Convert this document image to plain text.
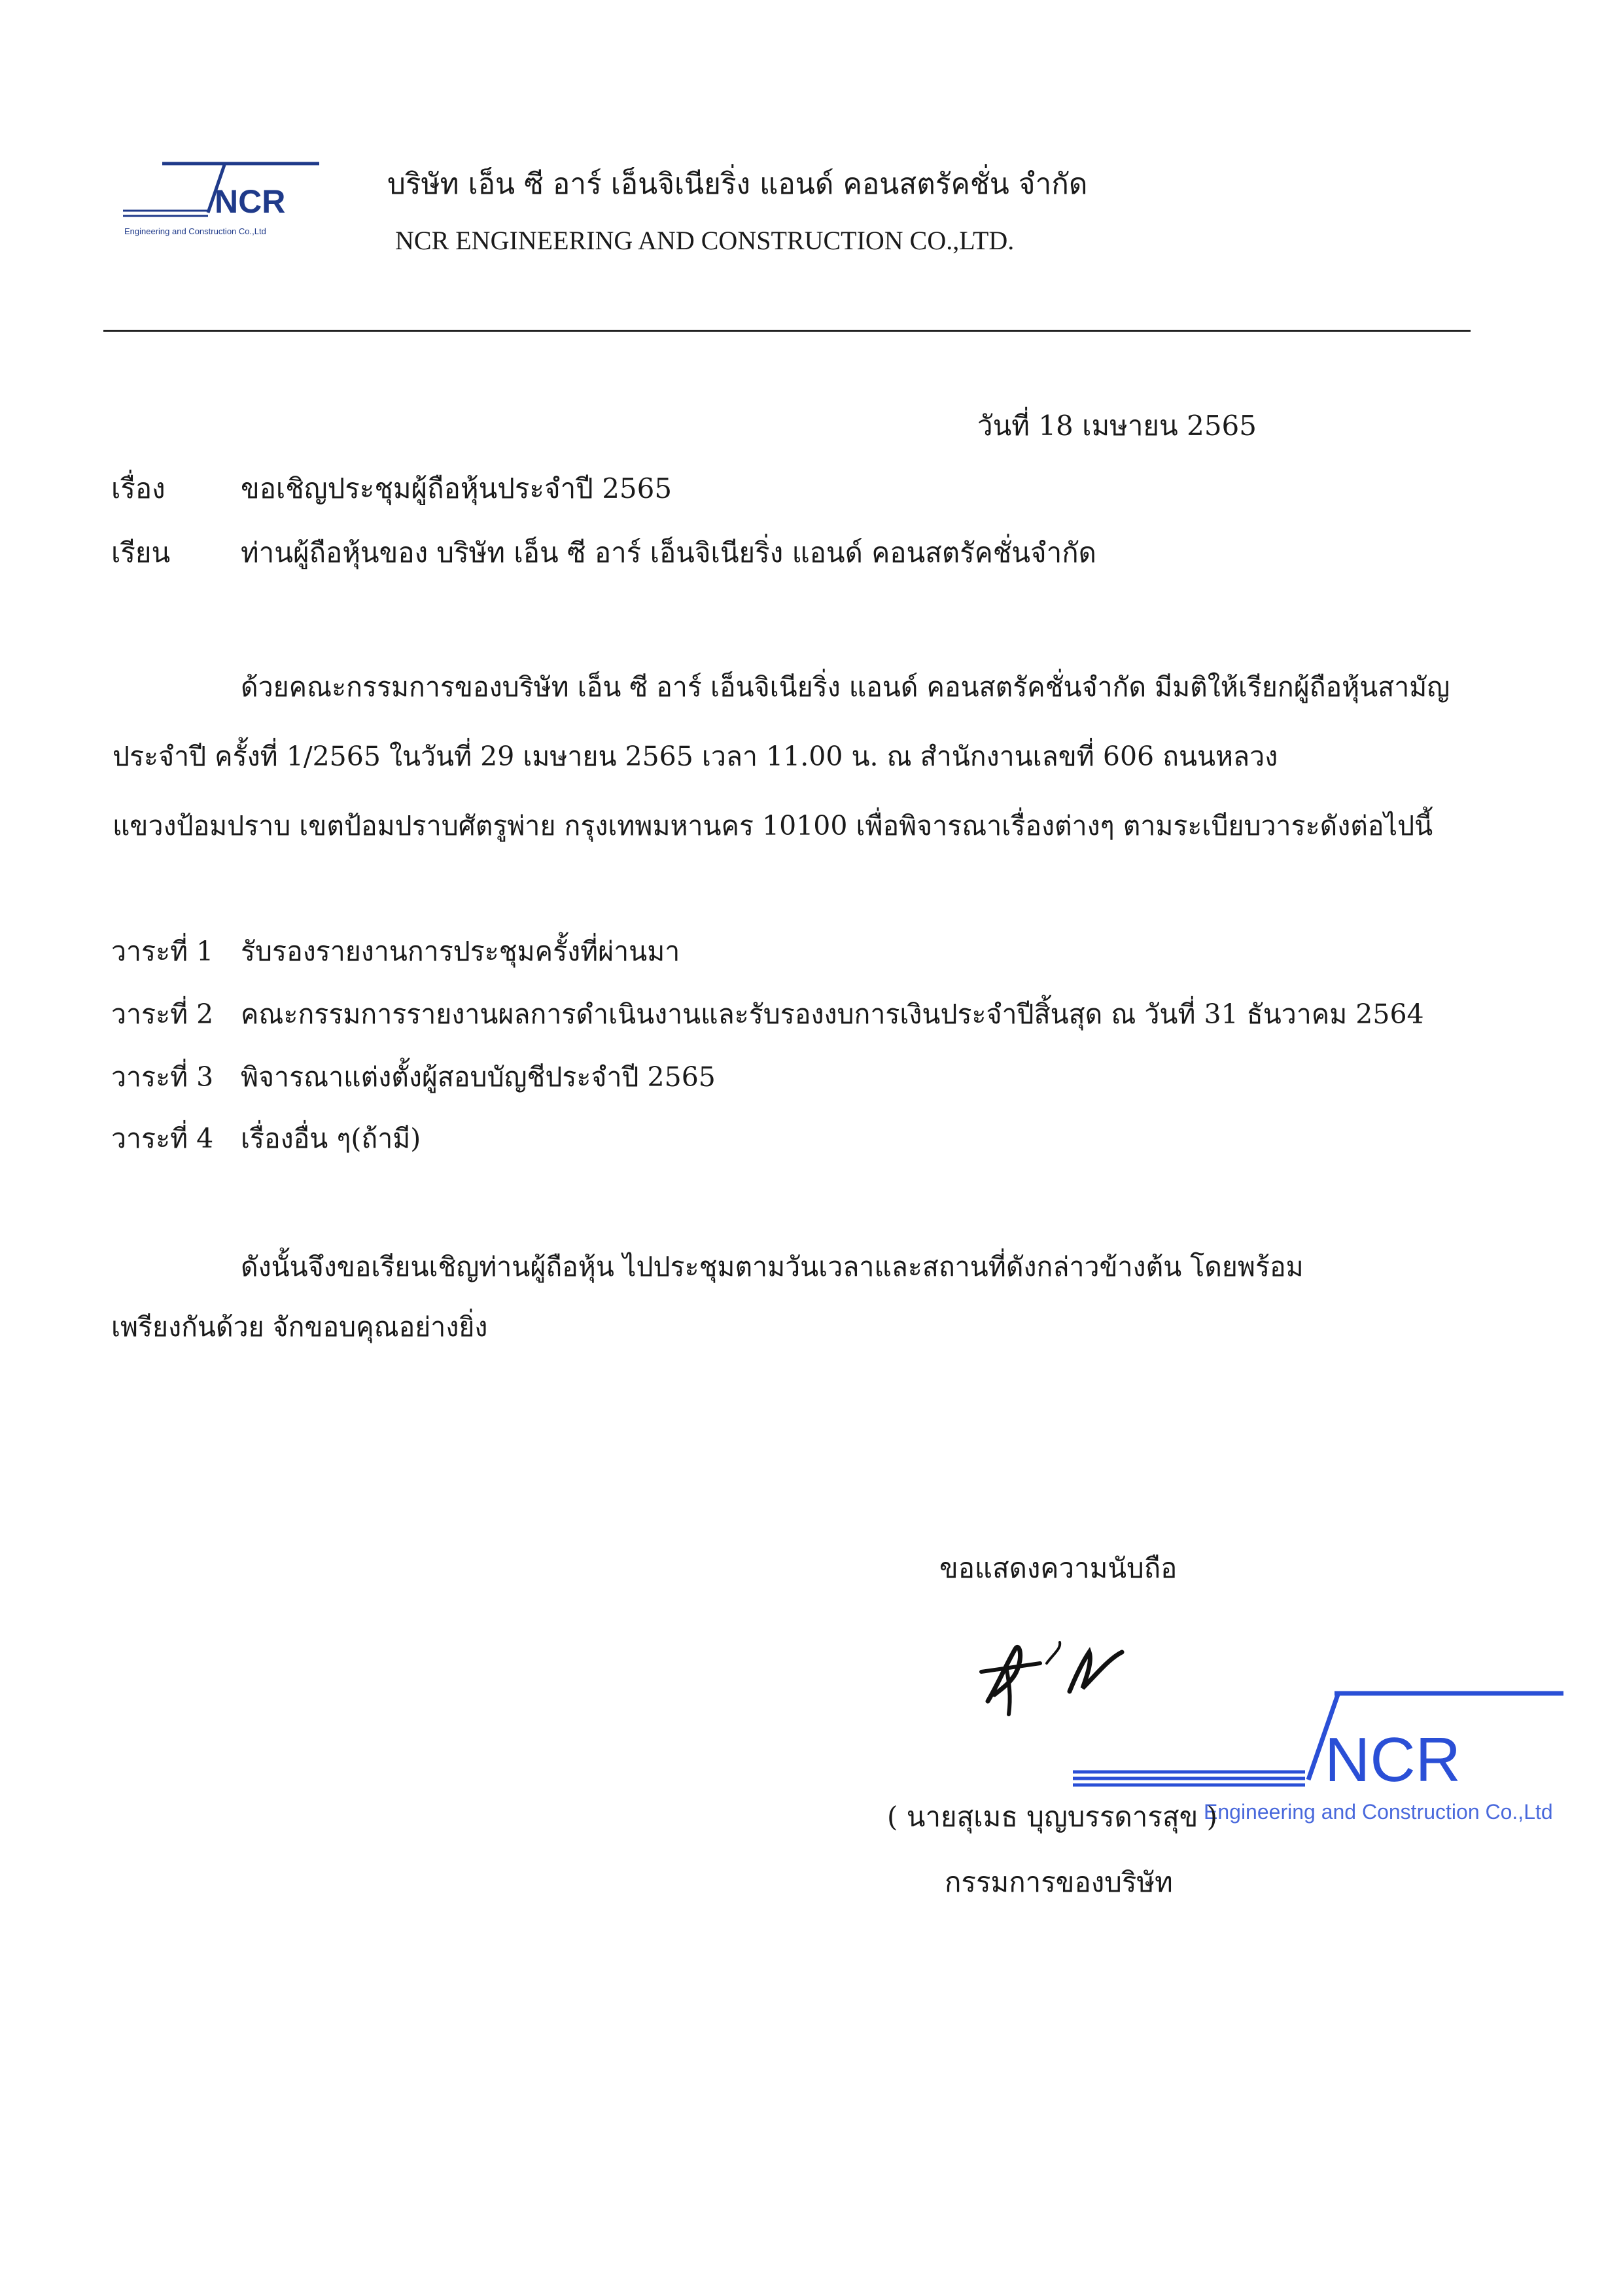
NCR
Engineering and Construction Co.,Ltd
บริษัท เอ็น ซี อาร์ เอ็นจิเนียริ่ง แอนด์ คอนสตรัคชั่น จำกัด
NCR ENGINEERING AND CONSTRUCTION CO.,LTD.
วันที่ 18 เมษายน 2565
เรื่อง	ขอเชิญประชุมผู้ถือหุ้นประจำปี 2565
เรียน	ท่านผู้ถือหุ้นของ บริษัท เอ็น ซี อาร์ เอ็นจิเนียริ่ง แอนด์ คอนสตรัคชั่นจำกัด
ด้วยคณะกรรมการของบริษัท เอ็น ซี อาร์ เอ็นจิเนียริ่ง แอนด์ คอนสตรัคชั่นจำกัด มีมติให้เรียกผู้ถือหุ้นสามัญ
ประจำปี ครั้งที่ 1/2565 ในวันที่ 29 เมษายน 2565 เวลา 11.00 น. ณ สำนักงานเลขที่ 606 ถนนหลวง
แขวงป้อมปราบ เขตป้อมปราบศัตรูพ่าย กรุงเทพมหานคร 10100 เพื่อพิจารณาเรื่องต่างๆ ตามระเบียบวาระดังต่อไปนี้
วาระที่ 1 รับรองรายงานการประชุมครั้งที่ผ่านมา
วาระที่ 2 คณะกรรมการรายงานผลการดำเนินงานและรับรองงบการเงินประจำปีสิ้นสุด ณ วันที่ 31 ธันวาคม 2564
วาระที่ 3 พิจารณาแต่งตั้งผู้สอบบัญชีประจำปี 2565
วาระที่ 4 เรื่องอื่น ๆ(ถ้ามี)
ดังนั้นจึงขอเรียนเชิญท่านผู้ถือหุ้น ไปประชุมตามวันเวลาและสถานที่ดังกล่าวข้างต้น โดยพร้อม
เพรียงกันด้วย จักขอบคุณอย่างยิ่ง
ขอแสดงความนับถือ
NCR
Engineering and Construction Co.,Ltd
( นายสุเมธ บุญบรรดารสุข )
กรรมการของบริษัท
